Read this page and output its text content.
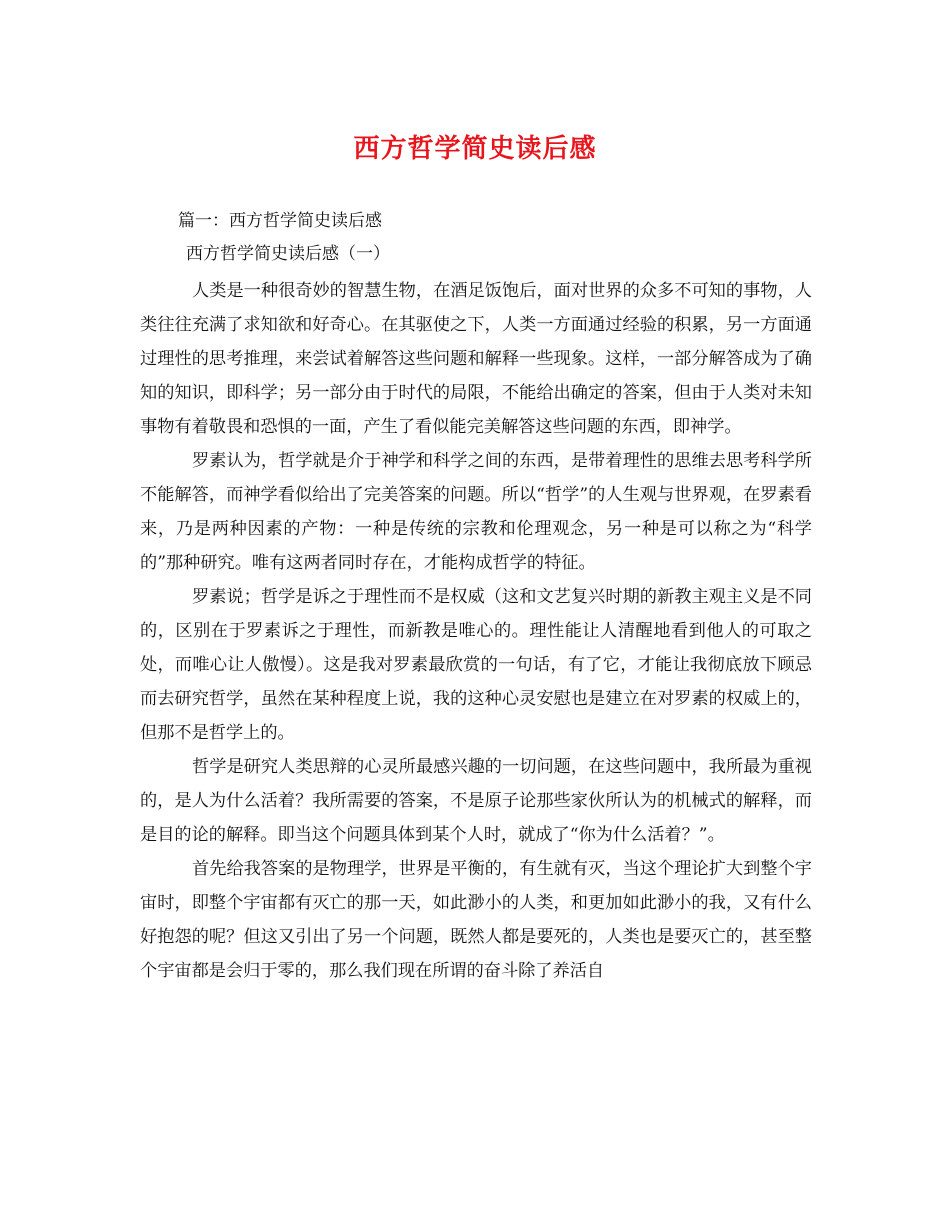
西方哲学简史读后感
篇一：西方哲学简史读后感
西方哲学简史读后感（一）

人类是一种很奇妙的智慧生物，在酒足饭饱后，面对世界的众多不可知的事物，人类往往充满了求知欲和好奇心。在其驱使之下，人类一方面通过经验的积累，另一方面通过理性的思考推理，来尝试着解答这些问题和解释一些现象。这样，一部分解答成为了确知的知识，即科学；另一部分由于时代的局限，不能给出确定的答案，但由于人类对未知事物有着敬畏和恐惧的一面，产生了看似能完美解答这些问题的东西，即神学。

罗素认为，哲学就是介于神学和科学之间的东西，是带着理性的思维去思考科学所不能解答，而神学看似给出了完美答案的问题。所以“哲学”的人生观与世界观，在罗素看来，乃是两种因素的产物：一种是传统的宗教和伦理观念，另一种是可以称之为“科学的”那种研究。唯有这两者同时存在，才能构成哲学的特征。

罗素说；哲学是诉之于理性而不是权威（这和文艺复兴时期的新教主观主义是不同的，区别在于罗素诉之于理性，而新教是唯心的。理性能让人清醒地看到他人的可取之处，而唯心让人傲慢）。这是我对罗素最欣赏的一句话，有了它，才能让我彻底放下顾忌而去研究哲学，虽然在某种程度上说，我的这种心灵安慰也是建立在对罗素的权威上的，但那不是哲学上的。

哲学是研究人类思辩的心灵所最感兴趣的一切问题，在这些问题中，我所最为重视的，是人为什么活着？我所需要的答案，不是原子论那些家伙所认为的机械式的解释，而是目的论的解释。即当这个问题具体到某个人时，就成了“你为什么活着？”。

首先给我答案的是物理学，世界是平衡的，有生就有灭，当这个理论扩大到整个宇宙时，即整个宇宙都有灭亡的那一天，如此渺小的人类，和更加如此渺小的我，又有什么好抱怨的呢？但这又引出了另一个问题，既然人都是要死的，人类也是要灭亡的，甚至整个宇宙都是会归于零的，那么我们现在所谓的奋斗除了养活自
